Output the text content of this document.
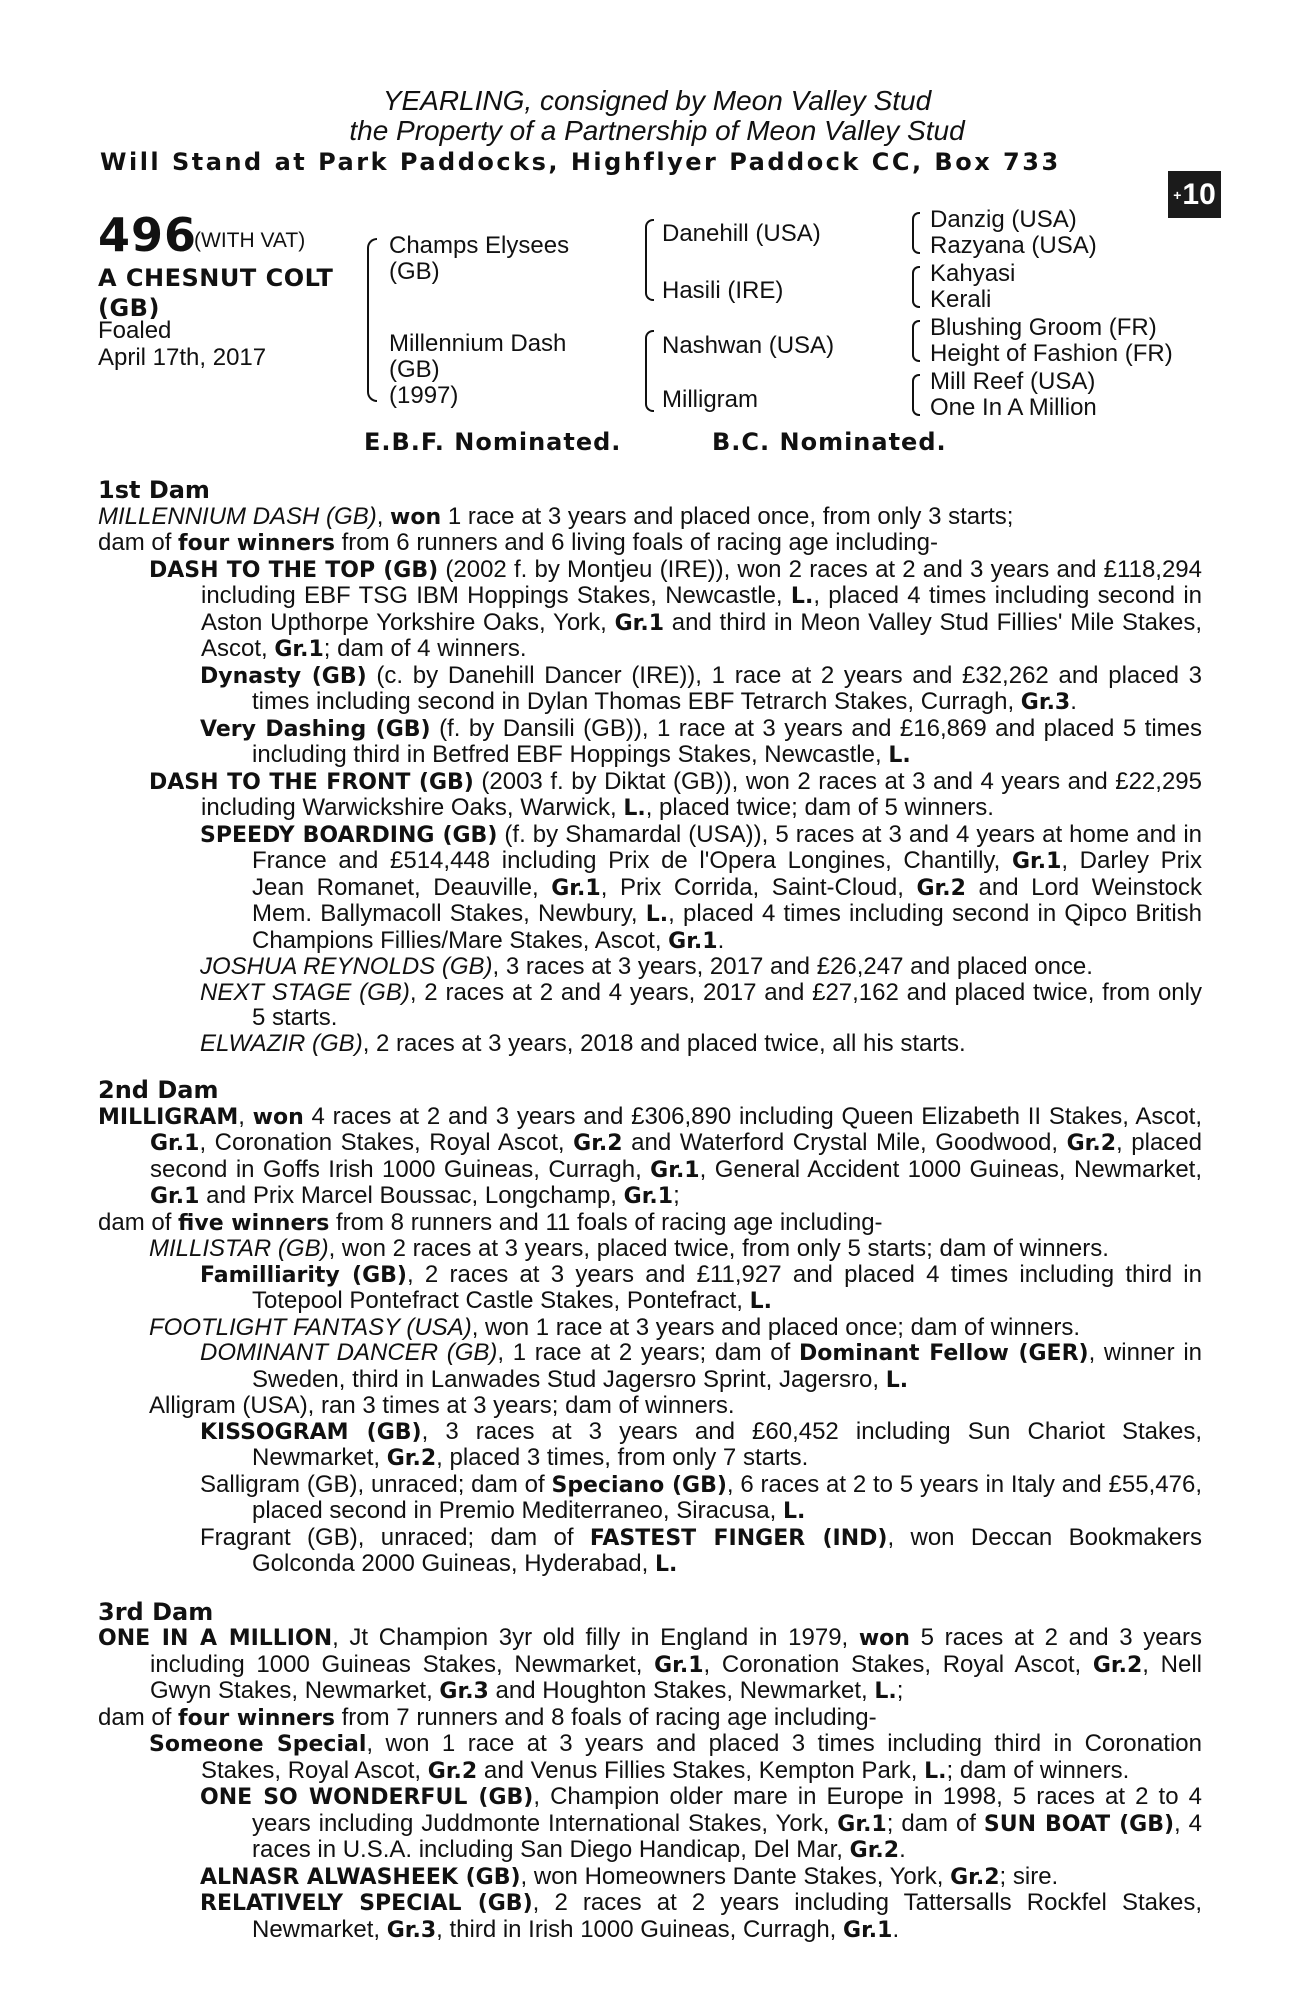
YEARLING, consigned by Meon Valley Stud
the Property of a Partnership of Meon Valley Stud
Will Stand at Park Paddocks, Highflyer Paddock CC, Box 733
+ 10
496
(WITH VAT)
A CHESNUT COLT
(GB)
Foaled
April 17th, 2017
Champs Elysees
(GB)
Millennium Dash
(GB)
(1997)
Danehill (USA)
Hasili (IRE)
Nashwan (USA)
Milligram
Danzig (USA)
Razyana (USA)
Kahyasi
Kerali
Blushing Groom (FR)
Height of Fashion (FR)
Mill Reef (USA)
One In A Million
E.B.F. Nominated.	B.C. Nominated.
1st Dam
MILLENNIUM DASH (GB), won 1 race at 3 years and placed once, from only 3 starts;
dam of four winners from 6 runners and 6 living foals of racing age including-
DASH TO THE TOP (GB) (2002 f. by Montjeu (IRE)), won 2 races at 2 and 3 years and £118,294 including EBF TSG IBM Hoppings Stakes, Newcastle, L., placed 4 times including second in Aston Upthorpe Yorkshire Oaks, York, Gr.1 and third in Meon Valley Stud Fillies' Mile Stakes, Ascot, Gr.1; dam of 4 winners.
Dynasty (GB) (c. by Danehill Dancer (IRE)), 1 race at 2 years and £32,262 and placed 3 times including second in Dylan Thomas EBF Tetrarch Stakes, Curragh, Gr.3.
Very Dashing (GB) (f. by Dansili (GB)), 1 race at 3 years and £16,869 and placed 5 times including third in Betfred EBF Hoppings Stakes, Newcastle, L.
DASH TO THE FRONT (GB) (2003 f. by Diktat (GB)), won 2 races at 3 and 4 years and £22,295 including Warwickshire Oaks, Warwick, L., placed twice; dam of 5 winners.
SPEEDY BOARDING (GB) (f. by Shamardal (USA)), 5 races at 3 and 4 years at home and in France and £514,448 including Prix de l'Opera Longines, Chantilly, Gr.1, Darley Prix Jean Romanet, Deauville, Gr.1, Prix Corrida, Saint-Cloud, Gr.2 and Lord Weinstock Mem. Ballymacoll Stakes, Newbury, L., placed 4 times including second in Qipco British Champions Fillies/Mare Stakes, Ascot, Gr.1.
JOSHUA REYNOLDS (GB), 3 races at 3 years, 2017 and £26,247 and placed once.
NEXT STAGE (GB), 2 races at 2 and 4 years, 2017 and £27,162 and placed twice, from only 5 starts.
ELWAZIR (GB), 2 races at 3 years, 2018 and placed twice, all his starts.
2nd Dam
MILLIGRAM, won 4 races at 2 and 3 years and £306,890 including Queen Elizabeth II Stakes, Ascot, Gr.1, Coronation Stakes, Royal Ascot, Gr.2 and Waterford Crystal Mile, Goodwood, Gr.2, placed second in Goffs Irish 1000 Guineas, Curragh, Gr.1, General Accident 1000 Guineas, Newmarket, Gr.1 and Prix Marcel Boussac, Longchamp, Gr.1;
dam of five winners from 8 runners and 11 foals of racing age including-
MILLISTAR (GB), won 2 races at 3 years, placed twice, from only 5 starts; dam of winners.
Familliarity (GB), 2 races at 3 years and £11,927 and placed 4 times including third in Totepool Pontefract Castle Stakes, Pontefract, L.
FOOTLIGHT FANTASY (USA), won 1 race at 3 years and placed once; dam of winners.
DOMINANT DANCER (GB), 1 race at 2 years; dam of Dominant Fellow (GER), winner in Sweden, third in Lanwades Stud Jagersro Sprint, Jagersro, L.
Alligram (USA), ran 3 times at 3 years; dam of winners.
KISSOGRAM (GB), 3 races at 3 years and £60,452 including Sun Chariot Stakes, Newmarket, Gr.2, placed 3 times, from only 7 starts.
Salligram (GB), unraced; dam of Speciano (GB), 6 races at 2 to 5 years in Italy and £55,476, placed second in Premio Mediterraneo, Siracusa, L.
Fragrant (GB), unraced; dam of FASTEST FINGER (IND), won Deccan Bookmakers Golconda 2000 Guineas, Hyderabad, L.
3rd Dam
ONE IN A MILLION, Jt Champion 3yr old filly in England in 1979, won 5 races at 2 and 3 years including 1000 Guineas Stakes, Newmarket, Gr.1, Coronation Stakes, Royal Ascot, Gr.2, Nell Gwyn Stakes, Newmarket, Gr.3 and Houghton Stakes, Newmarket, L.;
dam of four winners from 7 runners and 8 foals of racing age including-
Someone Special, won 1 race at 3 years and placed 3 times including third in Coronation Stakes, Royal Ascot, Gr.2 and Venus Fillies Stakes, Kempton Park, L.; dam of winners.
ONE SO WONDERFUL (GB), Champion older mare in Europe in 1998, 5 races at 2 to 4 years including Juddmonte International Stakes, York, Gr.1; dam of SUN BOAT (GB), 4 races in U.S.A. including San Diego Handicap, Del Mar, Gr.2.
ALNASR ALWASHEEK (GB), won Homeowners Dante Stakes, York, Gr.2; sire.
RELATIVELY SPECIAL (GB), 2 races at 2 years including Tattersalls Rockfel Stakes, Newmarket, Gr.3, third in Irish 1000 Guineas, Curragh, Gr.1.
